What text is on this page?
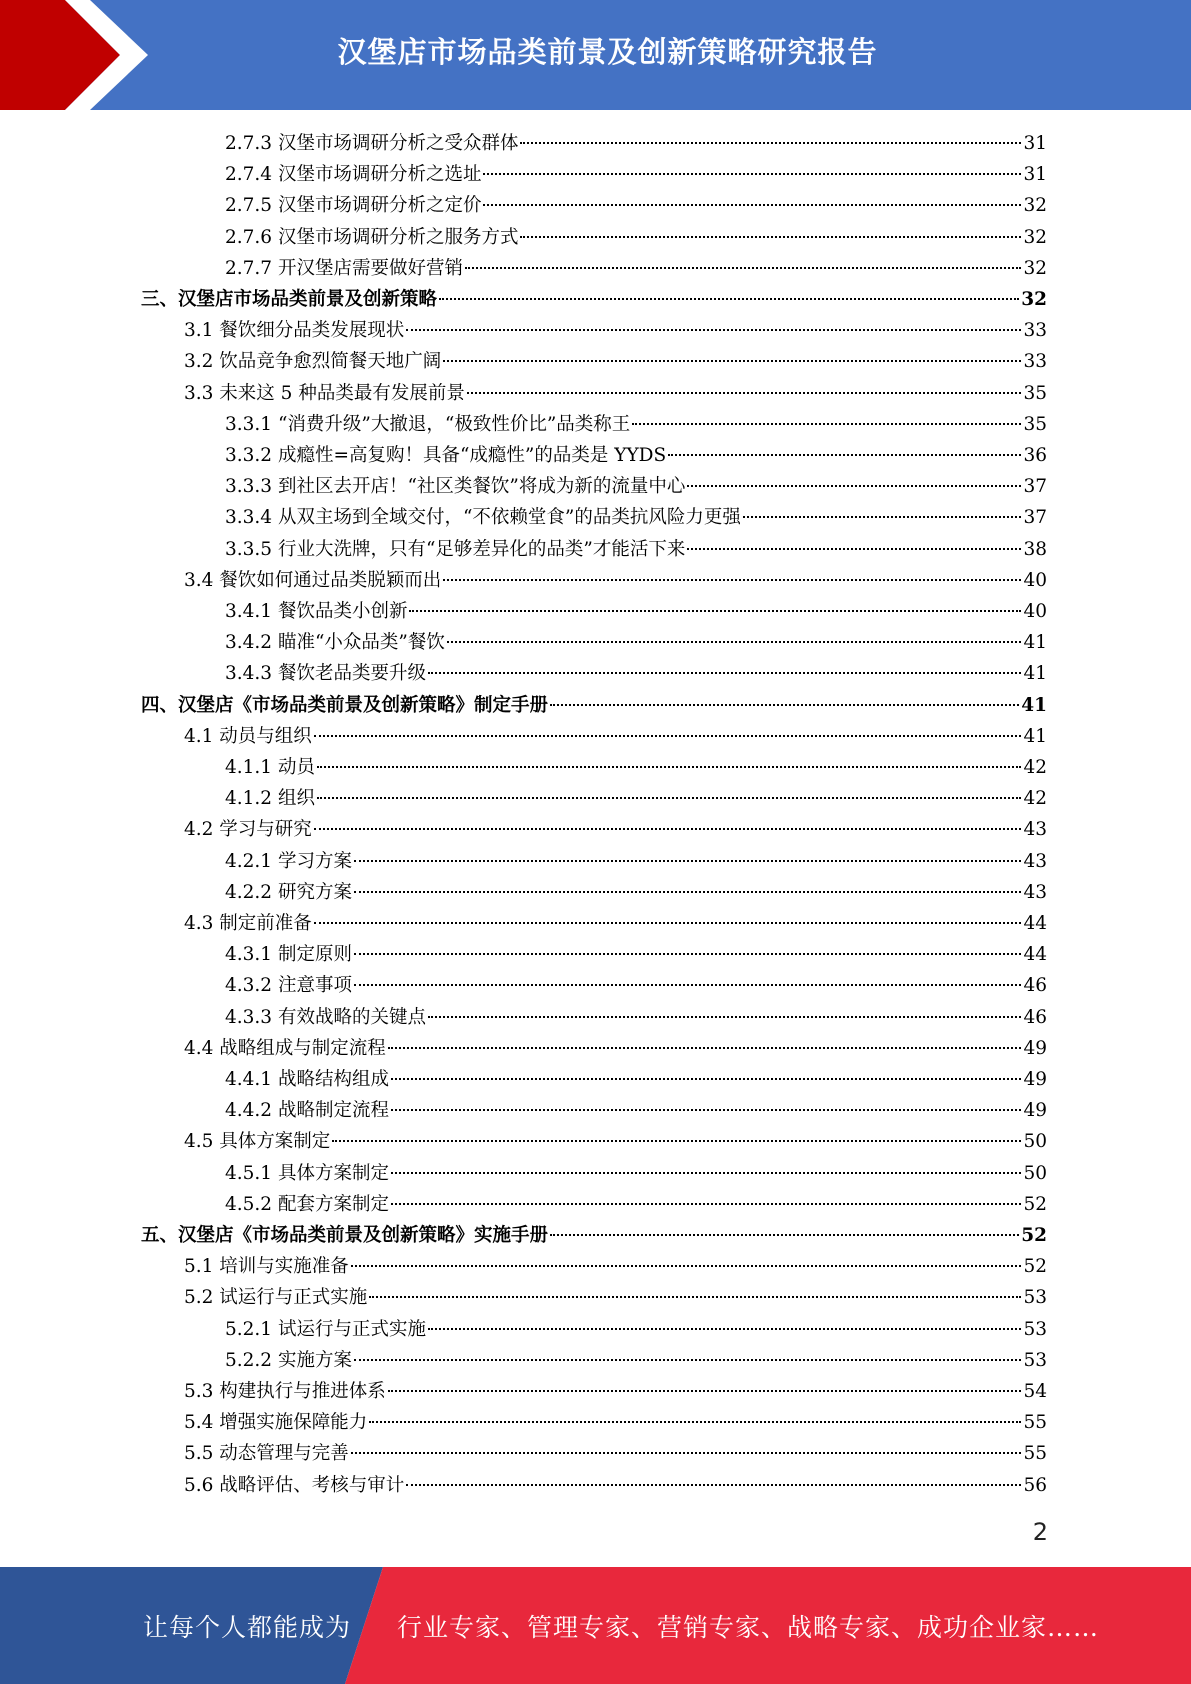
汉堡店市场品类前景及创新策略研究报告
2.7.3 汉堡市场调研分析之受众群体	31
2.7.4 汉堡市场调研分析之选址	31
2.7.5 汉堡市场调研分析之定价	32
2.7.6 汉堡市场调研分析之服务方式	32
2.7.7 开汉堡店需要做好营销	32
三、汉堡店市场品类前景及创新策略	32
3.1 餐饮细分品类发展现状	33
3.2 饮品竞争愈烈简餐天地广阔	33
3.3 未来这 5 种品类最有发展前景	35
3.3.1 “消费升级”大撤退，“极致性价比”品类称王	35
3.3.2 成瘾性=高复购！具备“成瘾性”的品类是 YYDS	36
3.3.3 到社区去开店！“社区类餐饮”将成为新的流量中心	37
3.3.4 从双主场到全域交付，“不依赖堂食”的品类抗风险力更强	37
3.3.5 行业大洗牌，只有“足够差异化的品类”才能活下来	38
3.4 餐饮如何通过品类脱颖而出	40
3.4.1 餐饮品类小创新	40
3.4.2 瞄准“小众品类”餐饮	41
3.4.3 餐饮老品类要升级	41
四、汉堡店《市场品类前景及创新策略》制定手册	41
4.1 动员与组织	41
4.1.1 动员	42
4.1.2 组织	42
4.2 学习与研究	43
4.2.1 学习方案	43
4.2.2 研究方案	43
4.3 制定前准备	44
4.3.1 制定原则	44
4.3.2 注意事项	46
4.3.3 有效战略的关键点	46
4.4 战略组成与制定流程	49
4.4.1 战略结构组成	49
4.4.2 战略制定流程	49
4.5 具体方案制定	50
4.5.1 具体方案制定	50
4.5.2 配套方案制定	52
五、汉堡店《市场品类前景及创新策略》实施手册	52
5.1 培训与实施准备	52
5.2 试运行与正式实施	53
5.2.1 试运行与正式实施	53
5.2.2 实施方案	53
5.3 构建执行与推进体系	54
5.4 增强实施保障能力	55
5.5 动态管理与完善	55
5.6 战略评估、考核与审计	56
2
让每个人都能成为 行业专家、管理专家、营销专家、战略专家、成功企业家……
